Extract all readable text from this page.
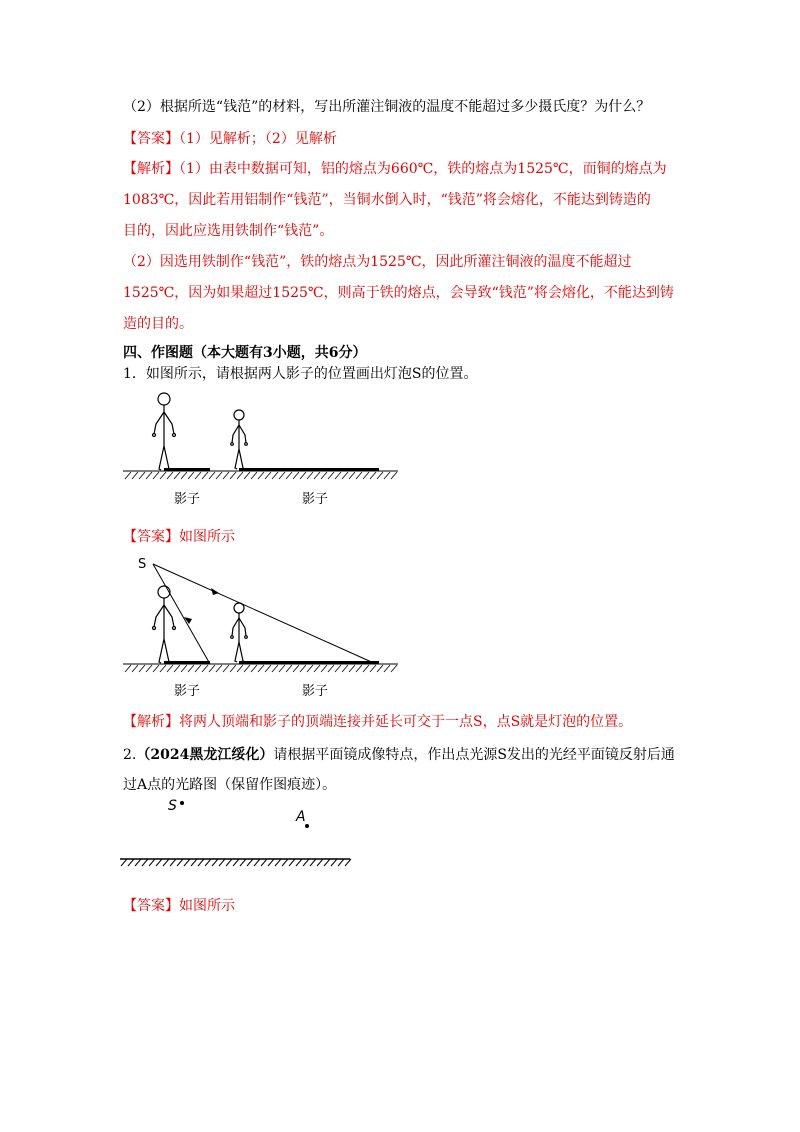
（2）根据所选“钱范”的材料，写出所灌注铜液的温度不能超过多少摄氏度？为什么？
【答案】（1）见解析；（2）见解析
【解析】（1）由表中数据可知，铝的熔点为660℃，铁的熔点为1525℃，而铜的熔点为
1083℃，因此若用铝制作“钱范”，当铜水倒入时，“钱范”将会熔化，不能达到铸造的
目的，因此应选用铁制作“钱范”。
（2）因选用铁制作“钱范”，铁的熔点为1525℃，因此所灌注铜液的温度不能超过
1525℃，因为如果超过1525℃，则高于铁的熔点，会导致“钱范”将会熔化，不能达到铸
造的目的。
四、作图题（本大题有3小题，共6分）
1．如图所示，请根据两人影子的位置画出灯泡S的位置。
影子	影子
【答案】如图所示
S
影子	影子
【解析】将两人顶端和影子的顶端连接并延长可交于一点S，点S就是灯泡的位置。
2.（2024黑龙江绥化）请根据平面镜成像特点，作出点光源S发出的光经平面镜反射后通
过A点的光路图（保留作图痕迹）。
S
A
【答案】如图所示
